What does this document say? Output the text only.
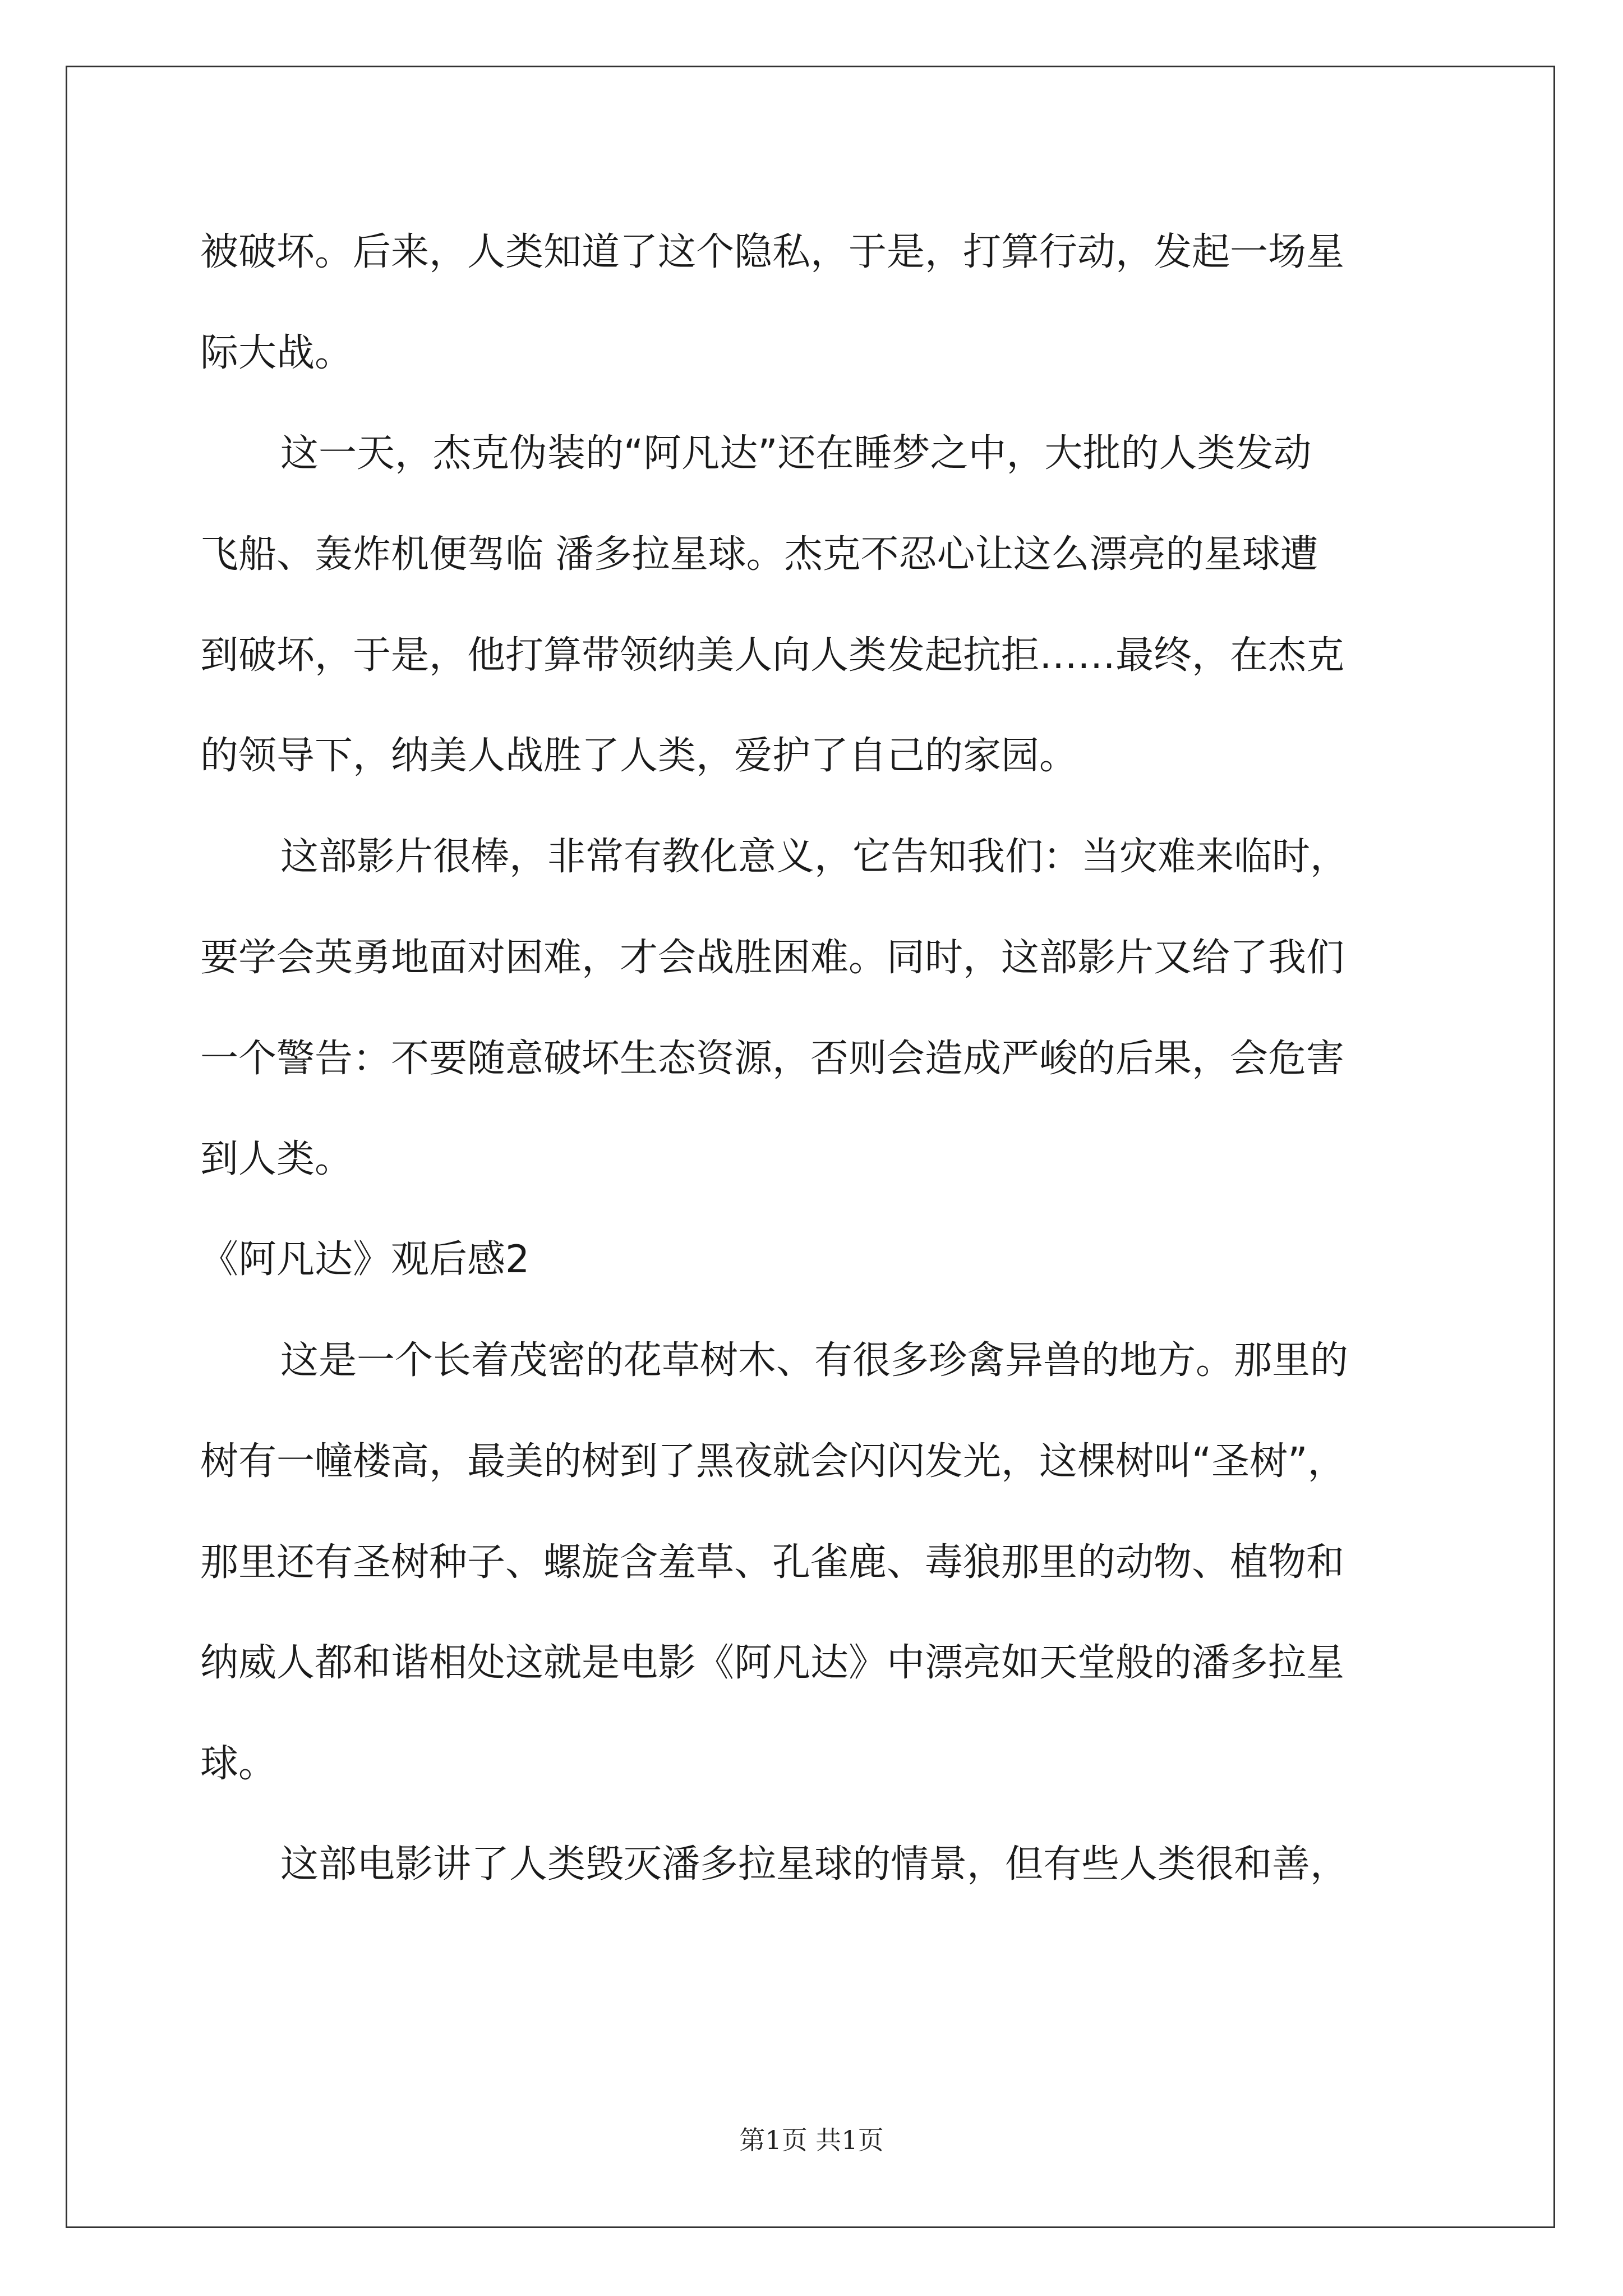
被破坏。后来，人类知道了这个隐私，于是，打算行动，发起一场星
际大战。
这一天，杰克伪装的“阿凡达”还在睡梦之中，大批的人类发动
飞船、轰炸机便驾临 潘多拉星球。杰克不忍心让这么漂亮的星球遭
到破坏，于是，他打算带领纳美人向人类发起抗拒……最终，在杰克
的领导下，纳美人战胜了人类，爱护了自己的家园。
这部影片很棒，非常有教化意义，它告知我们：当灾难来临时，
要学会英勇地面对困难，才会战胜困难。同时，这部影片又给了我们
一个警告：不要随意破坏生态资源，否则会造成严峻的后果，会危害
到人类。
《阿凡达》观后感2
这是一个长着茂密的花草树木、有很多珍禽异兽的地方。那里的
树有一幢楼高，最美的树到了黑夜就会闪闪发光，这棵树叫“圣树”，
那里还有圣树种子、螺旋含羞草、孔雀鹿、毒狼那里的动物、植物和
纳威人都和谐相处这就是电影《阿凡达》中漂亮如天堂般的潘多拉星
球。
这部电影讲了人类毁灭潘多拉星球的情景，但有些人类很和善，
第1页 共1页
